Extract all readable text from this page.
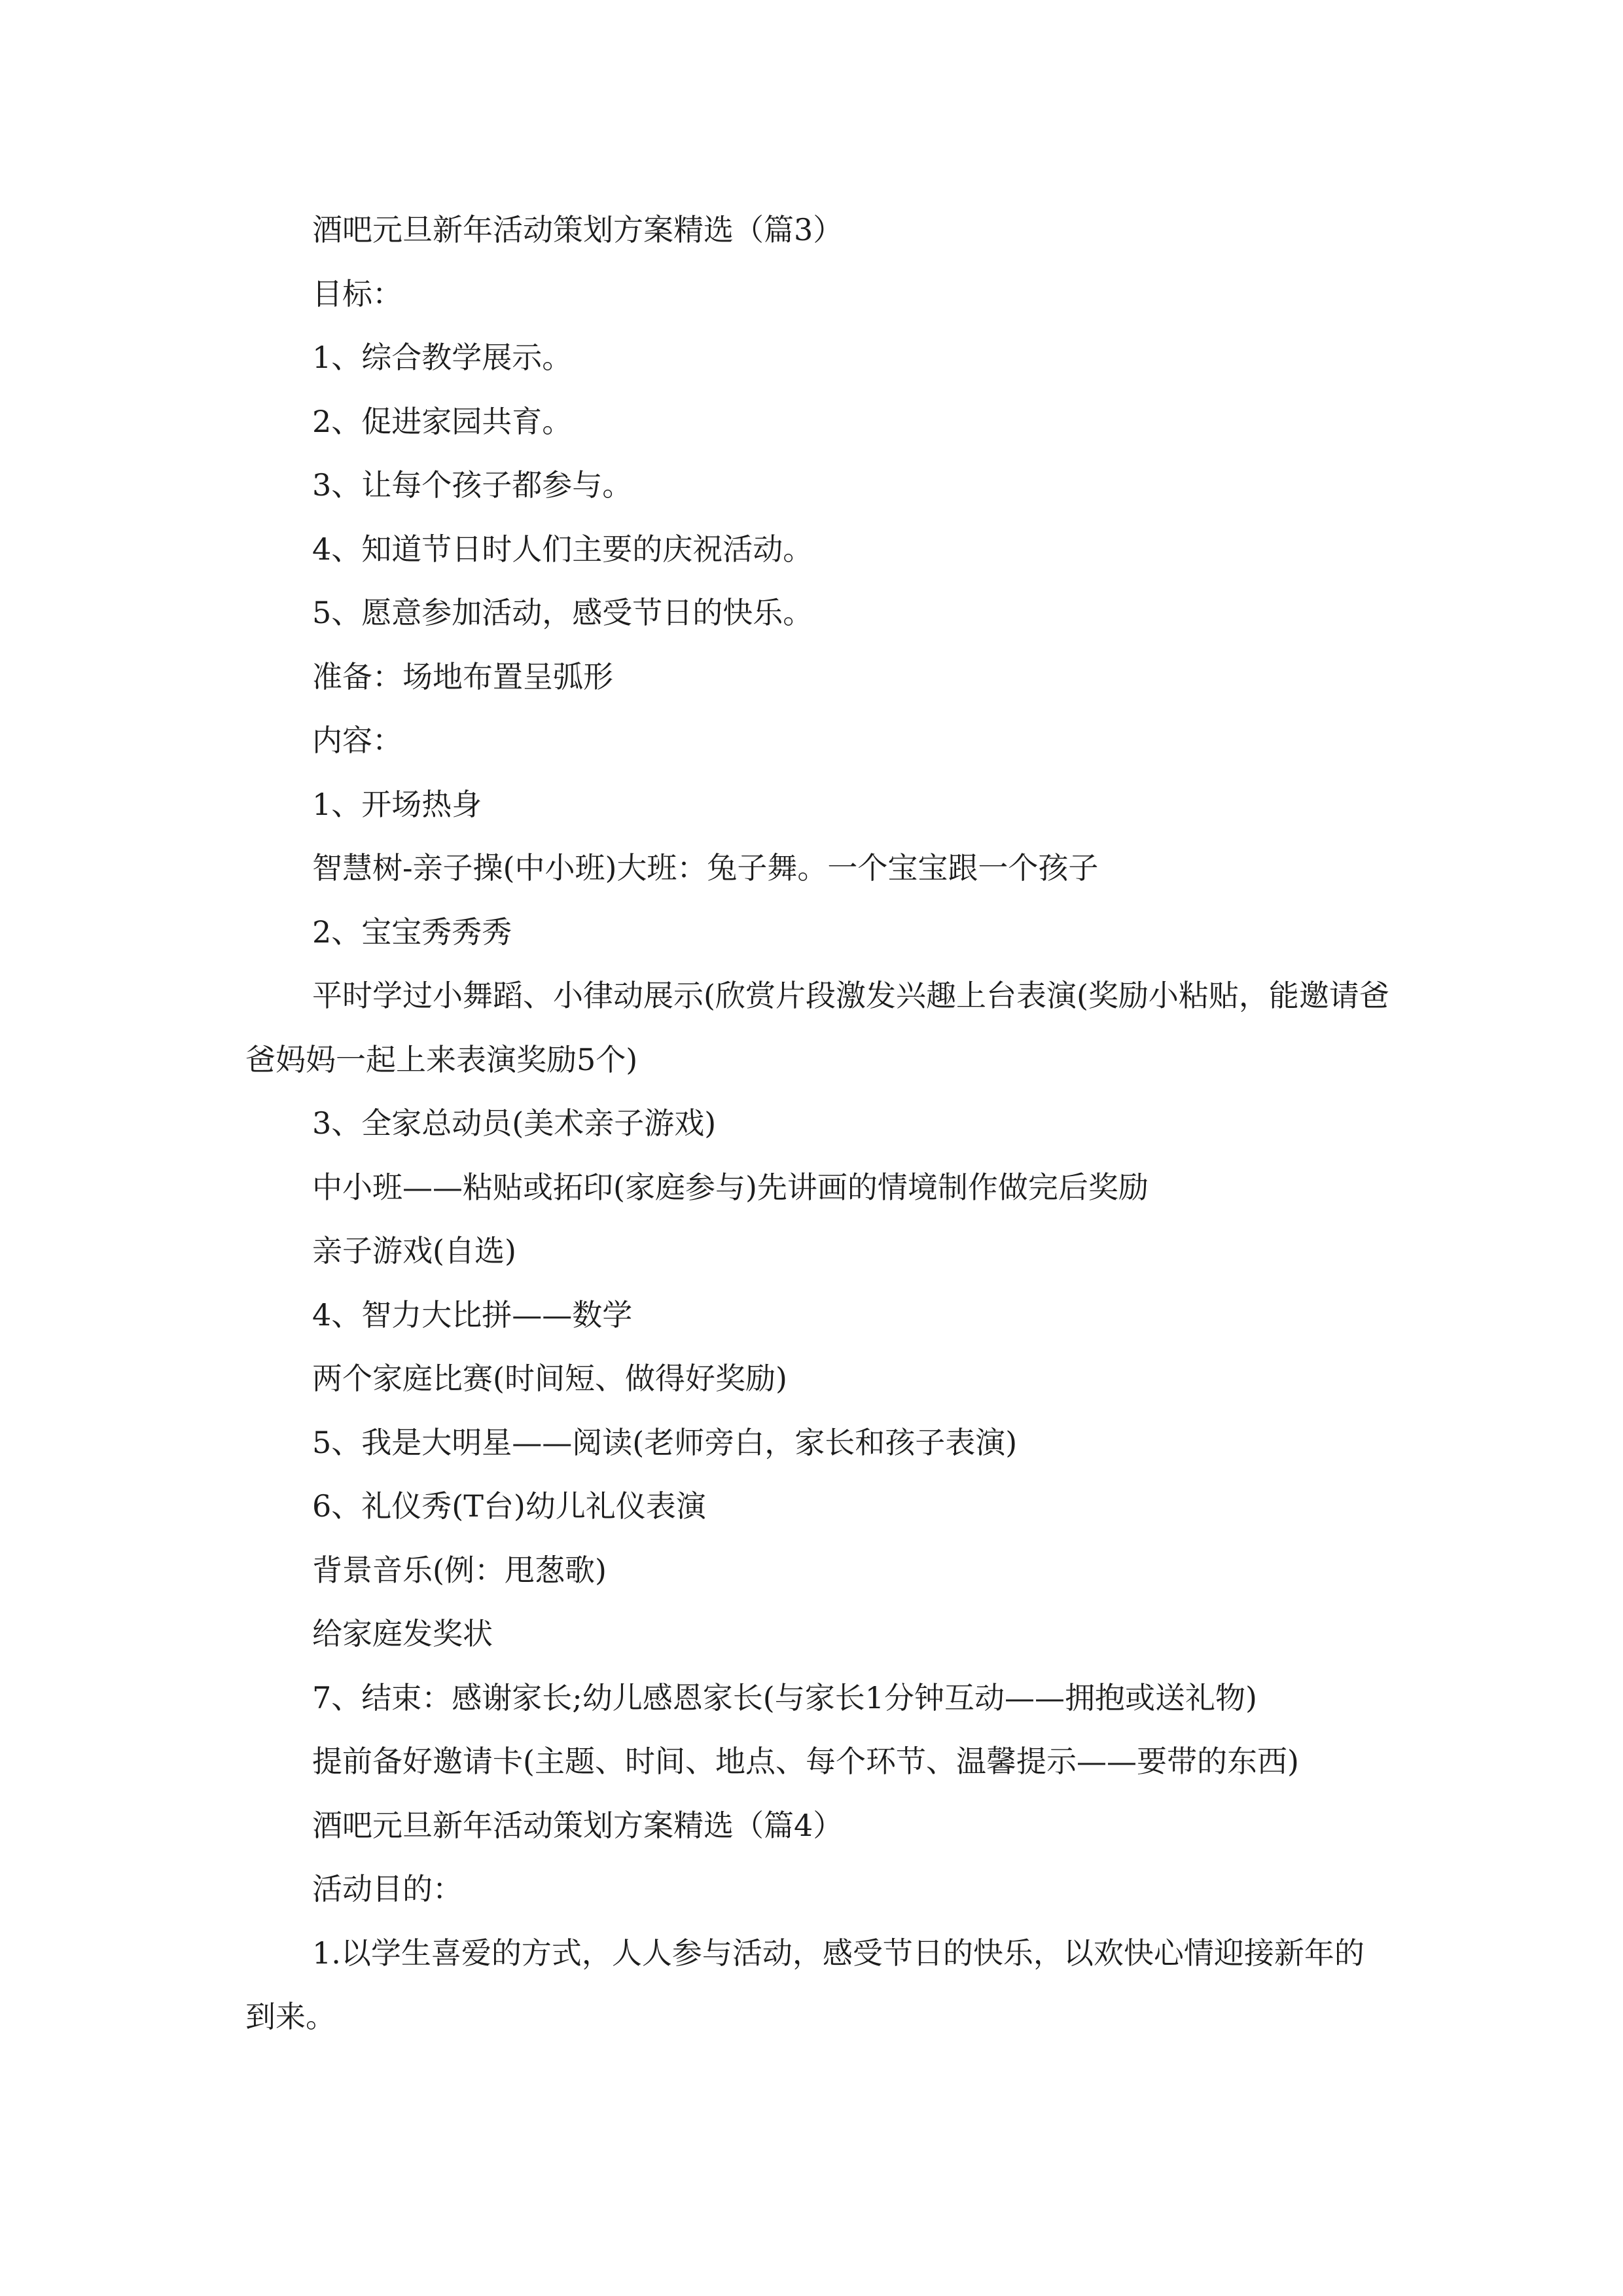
酒吧元旦新年活动策划方案精选（篇3）

目标：

1、综合教学展示。

2、促进家园共育。

3、让每个孩子都参与。

4、知道节日时人们主要的庆祝活动。

5、愿意参加活动，感受节日的快乐。

准备：场地布置呈弧形

内容：

1、开场热身

智慧树-亲子操(中小班)大班：兔子舞。一个宝宝跟一个孩子

2、宝宝秀秀秀

平时学过小舞蹈、小律动展示(欣赏片段激发兴趣上台表演(奖励小粘贴，能邀请爸爸妈妈一起上来表演奖励5个)

3、全家总动员(美术亲子游戏)

中小班——粘贴或拓印(家庭参与)先讲画的情境制作做完后奖励

亲子游戏(自选)

4、智力大比拼——数学

两个家庭比赛(时间短、做得好奖励)

5、我是大明星——阅读(老师旁白，家长和孩子表演)

6、礼仪秀(T台)幼儿礼仪表演

背景音乐(例：甩葱歌)

给家庭发奖状

7、结束：感谢家长;幼儿感恩家长(与家长1分钟互动——拥抱或送礼物)

提前备好邀请卡(主题、时间、地点、每个环节、温馨提示——要带的东西)

酒吧元旦新年活动策划方案精选（篇4）

活动目的：

1.以学生喜爱的方式，人人参与活动，感受节日的快乐，以欢快心情迎接新年的到来。
